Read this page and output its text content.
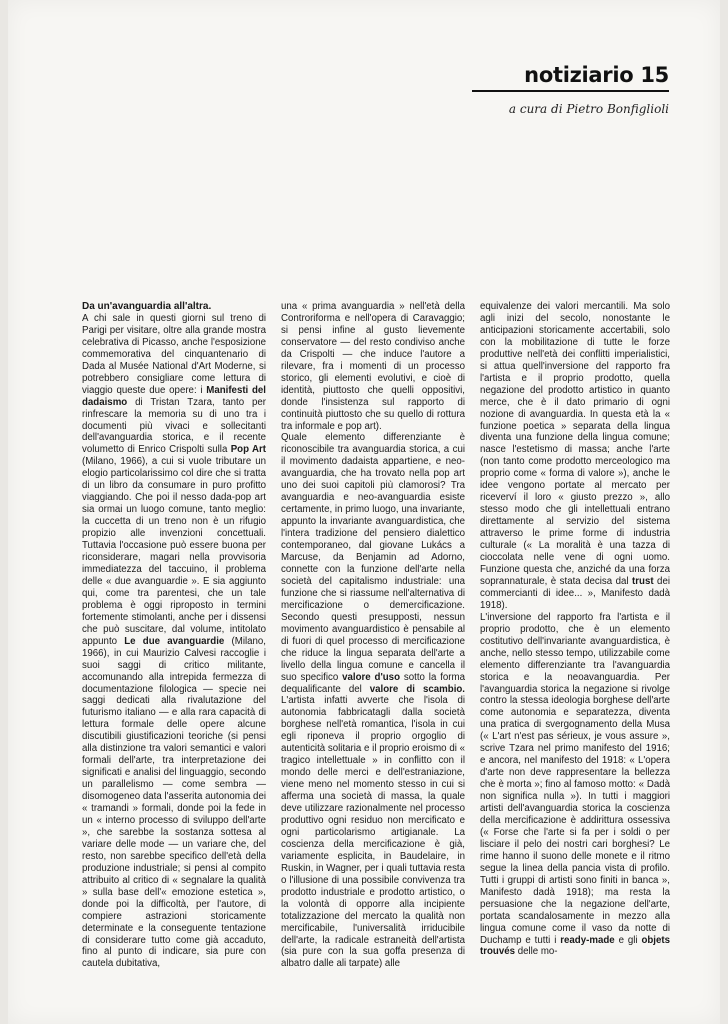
notiziario 15
a cura di Pietro Bonfiglioli

Da un'avanguardia all'altra.

A chi sale in questi giorni sul treno di Parigi per visitare, oltre alla grande mostra celebrativa di Picasso, anche l'esposizione commemorativa del cinquantenario di Dada al Musée National d'Art Moderne, si potrebbero consigliare come lettura di viaggio queste due opere: i Manifesti del dadaismo di Tristan Tzara, tanto per rinfrescare la memoria su di uno tra i documenti più vivaci e sollecitanti dell'avanguardia storica, e il recente volumetto di Enrico Crispolti sulla Pop Art (Milano, 1966), a cui si vuole tributare un elogio particolarissimo col dire che si tratta di un libro da consumare in puro profitto viaggiando. Che poi il nesso dada-pop art sia ormai un luogo comune, tanto meglio: la cuccetta di un treno non è un rifugio propizio alle invenzioni concettuali. Tuttavia l'occasione può essere buona per riconsiderare, magari nella provvisoria immediatezza del taccuino, il problema delle « due avanguardie ». E sia aggiunto qui, come tra parentesi, che un tale problema è oggi riproposto in termini fortemente stimolanti, anche per i dissensi che può suscitare, dal volume, intitolato appunto Le due avanguardie (Milano, 1966), in cui Maurizio Calvesi raccoglie i suoi saggi di critico militante, accomunando alla intrepida fermezza di documentazione filologica — specie nei saggi dedicati alla rivalutazione del futurismo italiano — e alla rara capacità di lettura formale delle opere alcune discutibili giustificazioni teoriche (si pensi alla distinzione tra valori semantici e valori formali dell'arte, tra interpretazione dei significati e analisi del linguaggio, secondo un parallelismo — come sembra — disomogeneo data l'asserita autonomia dei « tramandi » formali, donde poi la fede in un « interno processo di sviluppo dell'arte », che sarebbe la sostanza sottesa al variare delle mode — un variare che, del resto, non sarebbe specifico dell'età della produzione industriale; si pensi al compito attribuito al critico di « segnalare la qualità » sulla base dell'« emozione estetica », donde poi la difficoltà, per l'autore, di compiere astrazioni storicamente determinate e la conseguente tentazione di considerare tutto come già accaduto, fino al punto di indicare, sia pure con cautela dubitativa,

una « prima avanguardia » nell'età della Controriforma e nell'opera di Caravaggio; si pensi infine al gusto lievemente conservatore — del resto condiviso anche da Crispolti — che induce l'autore a rilevare, fra i momenti di un processo storico, gli elementi evolutivi, e cioè di identità, piuttosto che quelli oppositivi, donde l'insistenza sul rapporto di continuità piuttosto che su quello di rottura tra informale e pop art).

Quale elemento differenziante è riconoscibile tra avanguardia storica, a cui il movimento dadaista appartiene, e neo-avanguardia, che ha trovato nella pop art uno dei suoi capitoli più clamorosi? Tra avanguardia e neo-avanguardia esiste certamente, in primo luogo, una invariante, appunto la invariante avanguardistica, che l'intera tradizione del pensiero dialettico contemporaneo, dal giovane Lukács a Marcuse, da Benjamin ad Adorno, connette con la funzione dell'arte nella società del capitalismo industriale: una funzione che si riassume nell'alternativa di mercificazione o demercificazione. Secondo questi presupposti, nessun movimento avanguardistico è pensabile al di fuori di quel processo di mercificazione che riduce la lingua separata dell'arte a livello della lingua comune e cancella il suo specifico valore d'uso sotto la forma dequalificante del valore di scambio. L'artista infatti avverte che l'isola di autonomia fabbricatagli dalla società borghese nell'età romantica, l'isola in cui egli riponeva il proprio orgoglio di autenticità solitaria e il proprio eroismo di « tragico intellettuale » in conflitto con il mondo delle merci e dell'estraniazione, viene meno nel momento stesso in cui si afferma una società di massa, la quale deve utilizzare razionalmente nel processo produttivo ogni residuo non mercificato e ogni particolarismo artigianale. La coscienza della mercificazione è già, variamente esplicita, in Baudelaire, in Ruskin, in Wagner, per i quali tuttavia resta o l'illusione di una possibile convivenza tra prodotto industriale e prodotto artistico, o la volontà di opporre alla incipiente totalizzazione del mercato la qualità non mercificabile, l'universalità irriducibile dell'arte, la radicale estraneità dell'artista (sia pure con la sua goffa presenza di albatro dalle ali tarpate) alle

equivalenze dei valori mercantili. Ma solo agli inizi del secolo, nonostante le anticipazioni storicamente accertabili, solo con la mobilitazione di tutte le forze produttive nell'età dei conflitti imperialistici, si attua quell'inversione del rapporto fra l'artista e il proprio prodotto, quella negazione del prodotto artistico in quanto merce, che è il dato primario di ogni nozione di avanguardia. In questa età la « funzione poetica » separata della lingua diventa una funzione della lingua comune; nasce l'estetismo di massa; anche l'arte (non tanto come prodotto merceologico ma proprio come « forma di valore »), anche le idee vengono portate al mercato per riceverví il loro « giusto prezzo », allo stesso modo che gli intellettuali entrano direttamente al servizio del sistema attraverso le prime forme di industria culturale (« La moralità è una tazza di cioccolata nelle vene di ogni uomo. Funzione questa che, anziché da una forza soprannaturale, è stata decisa dal trust dei commercianti di idee... », Manifesto dadà 1918).

L'inversione del rapporto fra l'artista e il proprio prodotto, che è un elemento costitutivo dell'invariante avanguardistica, è anche, nello stesso tempo, utilizzabile come elemento differenziante tra l'avanguardia storica e la neoavanguardia. Per l'avanguardia storica la negazione si rivolge contro la stessa ideologia borghese dell'arte come autonomia e separatezza, diventa una pratica di svergognamento della Musa (« L'art n'est pas sérieux, je vous assure », scrive Tzara nel primo manifesto del 1916; e ancora, nel manifesto del 1918: « L'opera d'arte non deve rappresentare la bellezza che è morta »; fino al famoso motto: « Dadà non significa nulla »). In tutti i maggiori artisti dell'avanguardia storica la coscienza della mercificazione è addirittura ossessiva (« Forse che l'arte si fa per i soldi o per lisciare il pelo dei nostri cari borghesi? Le rime hanno il suono delle monete e il ritmo segue la linea della pancia vista di profilo. Tutti i gruppi di artisti sono finiti in banca », Manifesto dadà 1918); ma resta la persuasione che la negazione dell'arte, portata scandalosamente in mezzo alla lingua comune come il vaso da notte di Duchamp e tutti i ready-made e gli objets trouvés delle mo-
